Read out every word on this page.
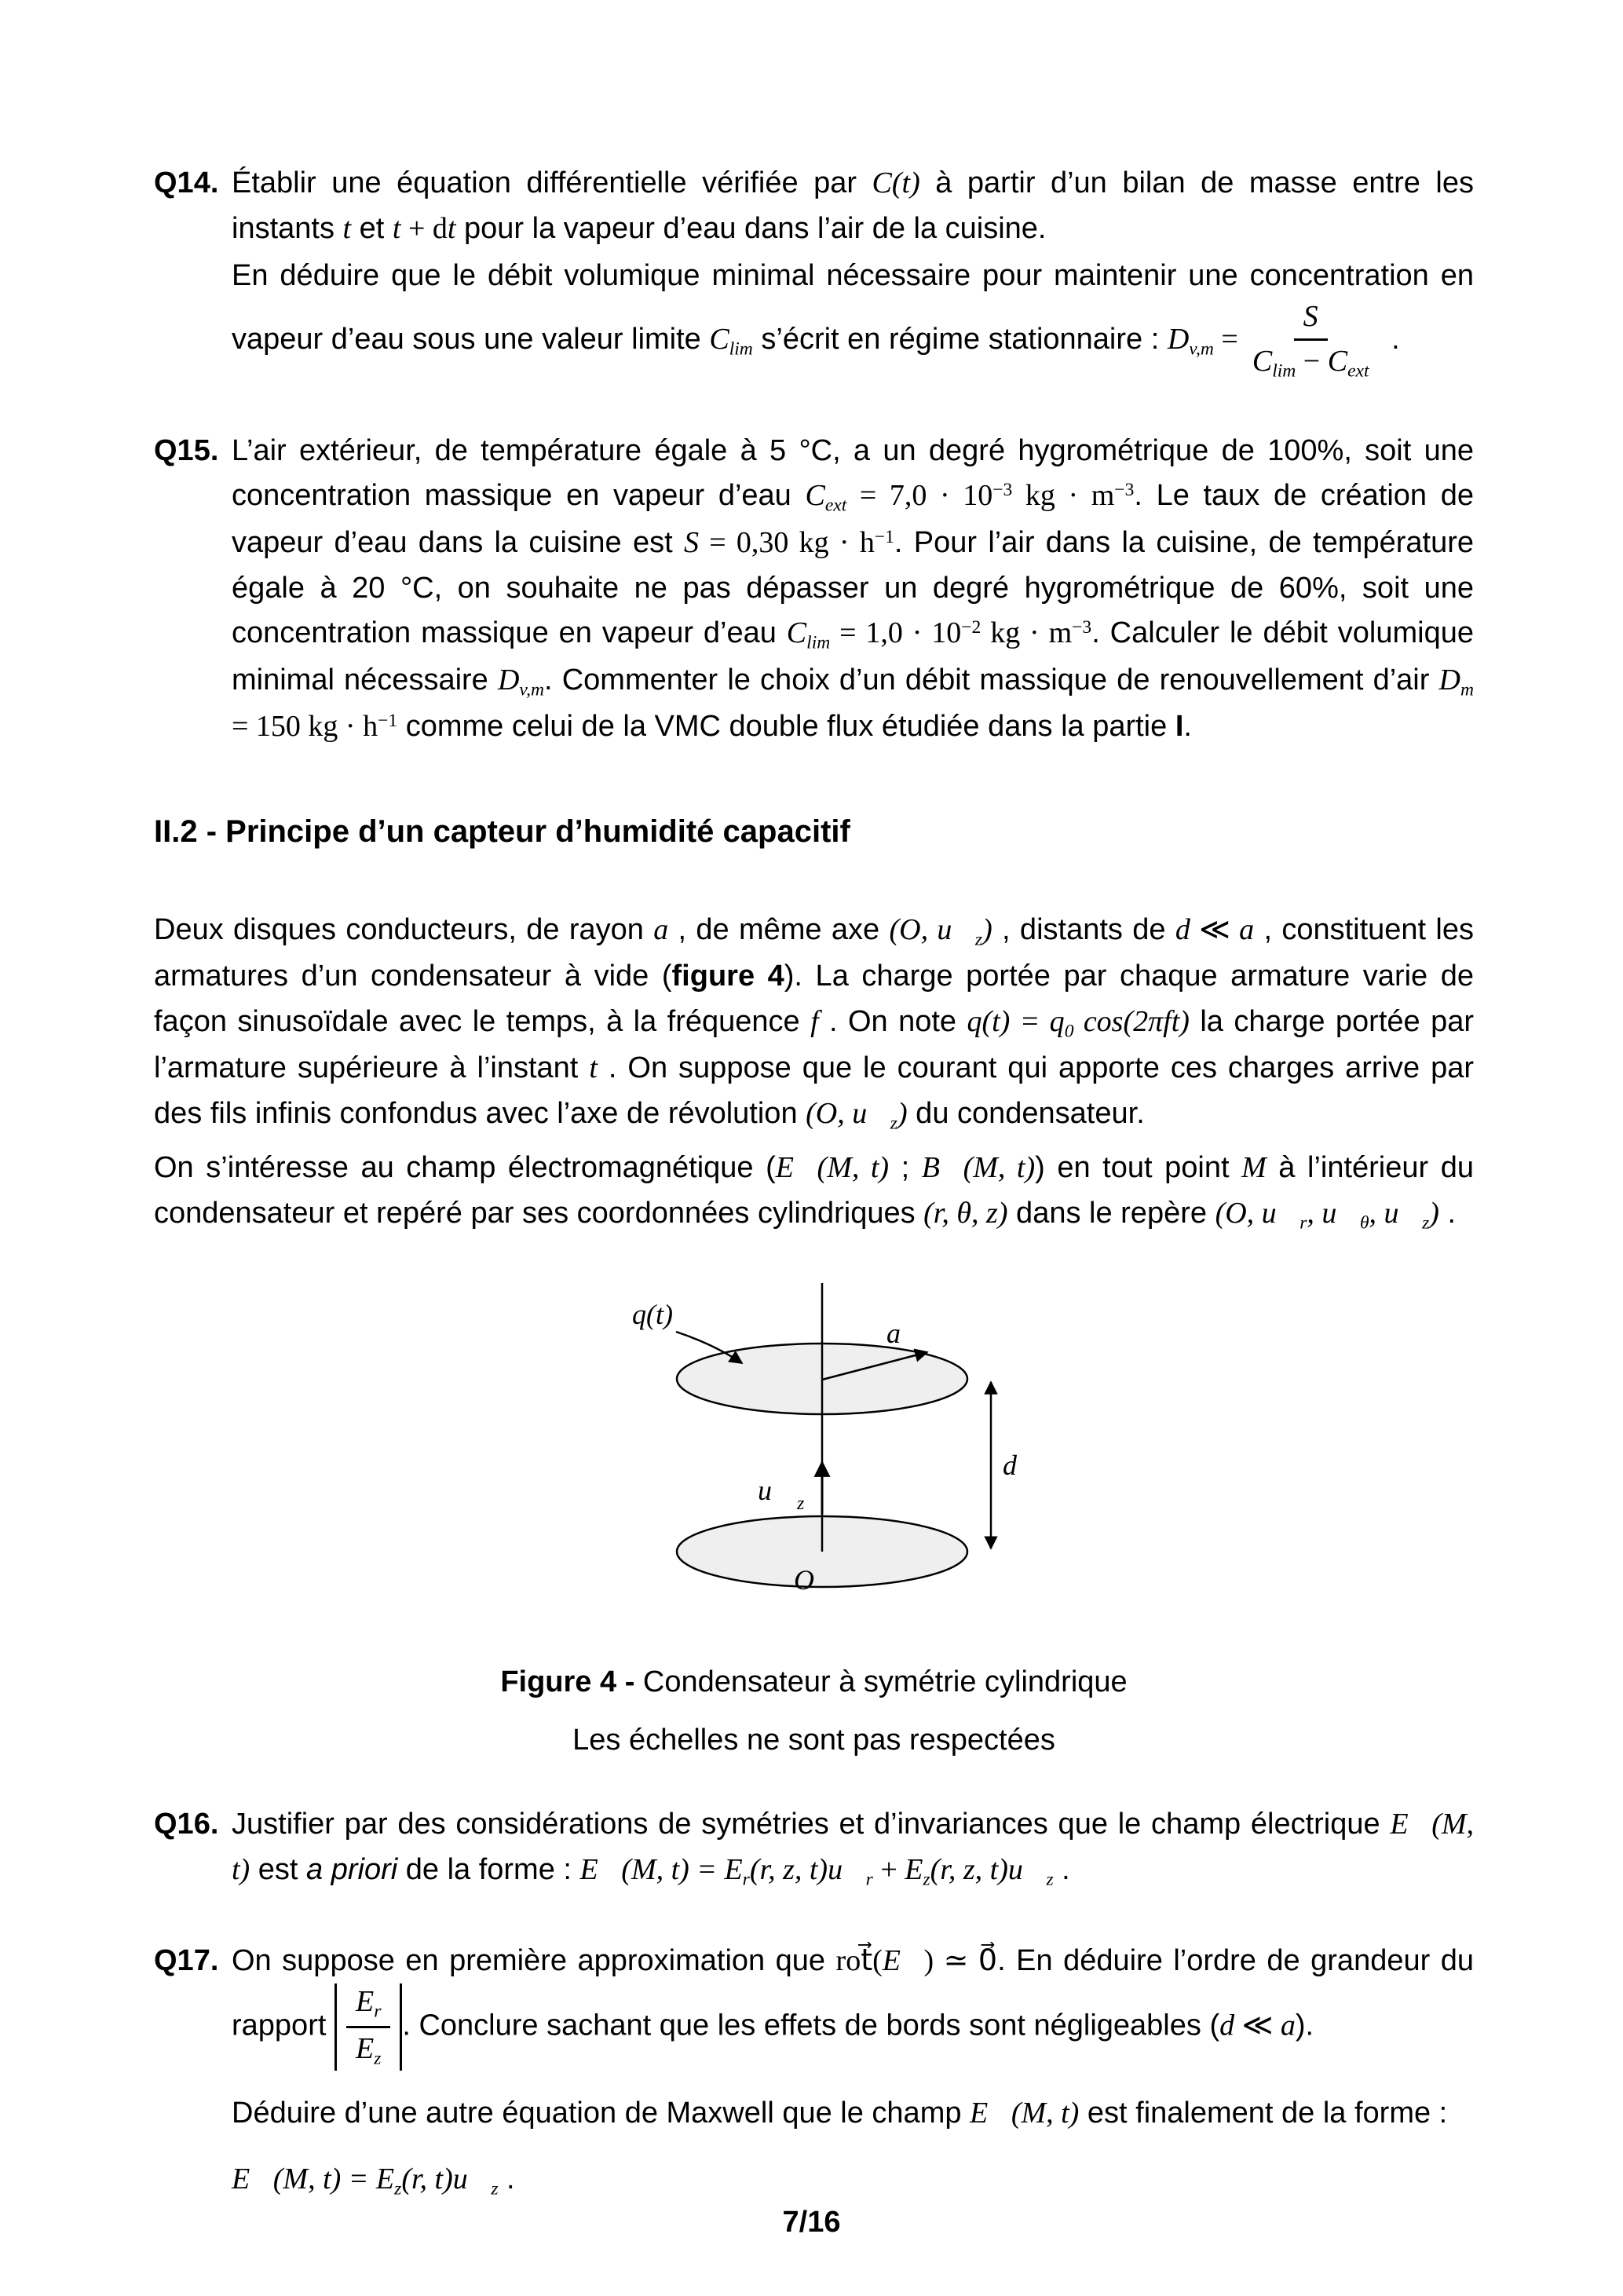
Q14. Établir une équation différentielle vérifiée par C(t) à partir d’un bilan de masse entre les instants t et t + dt pour la vapeur d’eau dans l’air de la cuisine.

En déduire que le débit volumique minimal nécessaire pour maintenir une concentration en vapeur d’eau sous une valeur limite Clim s’écrit en régime stationnaire : $Dv,m = \frac{S}{\text{Clim − Cext}}$ .

Q15. L’air extérieur, de température égale à 5 °C, a un degré hygrométrique de 100%, soit une concentration massique en vapeur d’eau Cext = $7,0 \cdot 10^{-3}$ kg · $m^{-3}$. Le taux de création de vapeur d’eau dans la cuisine est S = 0,30 kg · $h^{-1}$. Pour l’air dans la cuisine, de température égale à 20 °C, on souhaite ne pas dépasser un degré hygrométrique de 60%, soit une concentration massique en vapeur d’eau $Clim = 1,0 \cdot 10^{-2}$ kg · $m^{-3}$. Calculer le débit volumique minimal nécessaire Dv,m. Commenter le choix d’un débit massique de renouvellement d’air Dm = 150 kg · $h^{-1}$ comme celui de la VMC double flux étudiée dans la partie I.

II.2 - Principe d’un capteur d’humidité capacitif

Deux disques conducteurs, de rayon a , de même axe (O, u⃗z) , distants de d ≪ a , constituent les armatures d’un condensateur à vide (figure 4). La charge portée par chaque armature varie de façon sinusoïdale avec le temps, à la fréquence f . On note q(t) = q0 cos(2πft) la charge portée par l’armature supérieure à l’instant t . On suppose que le courant qui apporte ces charges arrive par des fils infinis confondus avec l’axe de révolution (O, u⃗z) du condensateur.

On s’intéresse au champ électromagnétique (E⃗(M, t) ; B⃗(M, t)) en tout point M à l’intérieur du condensateur et repéré par ses coordonnées cylindriques (r, θ, z) dans le repère (O, u⃗r, u⃗θ, u⃗z) .

q(t)
a
u⃗ z
O
d
Figure 4 - Condensateur à symétrie cylindrique
Les échelles ne sont pas respectées
Q16. Justifier par des considérations de symétries et d’invariances que le champ électrique E⃗(M, t) est a priori de la forme : E⃗(M, t) = Er(r, z, t)u⃗r + Ez(r, z, t)u⃗z .

Q17. On suppose en première approximation que rot⃗(E⃗) ≃ 0⃗. En déduire l’ordre de grandeur du rapport $\frac{Er}{Ez}$ . Conclure sachant que les effets de bords sont négligeables (d ≪ a).

Déduire d’une autre équation de Maxwell que le champ E⃗(M, t) est finalement de la forme :

E⃗(M, t) = Ez(r, t)u⃗z .

7/16
